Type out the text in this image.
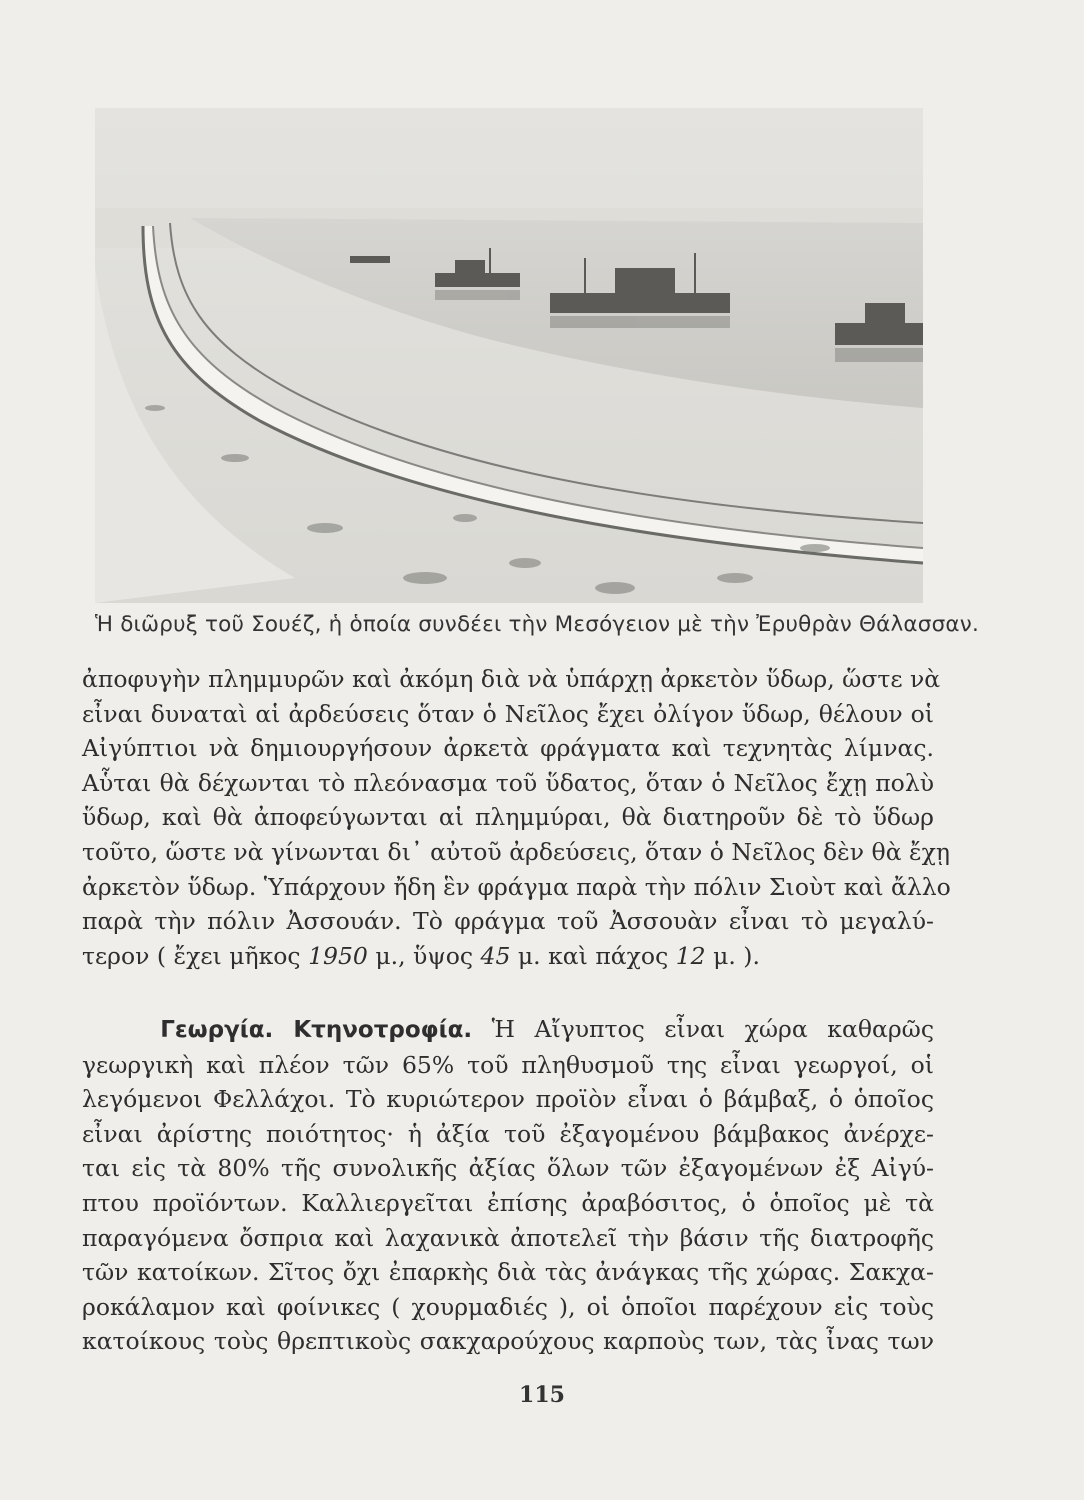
Ἡ διῶρυξ τοῦ Σουέζ, ἡ ὁποία συνδέει τὴν Μεσόγειον μὲ τὴν Ἐρυθρὰν Θάλασσαν.
ἀποφυγὴν πλημμυρῶν καὶ ἀκόμη διὰ νὰ ὑπάρχῃ ἀρκετὸν ὕδωρ, ὥστε νὰ
εἶναι δυναταὶ αἱ ἀρδεύσεις ὅταν ὁ Νεῖλος ἔχει ὀλίγον ὕδωρ, θέλουν οἱ
Αἰγύπτιοι νὰ δημιουργήσουν ἀρκετὰ φράγματα καὶ τεχνητὰς λίμνας.
Αὗται θὰ δέχωνται τὸ πλεόνασμα τοῦ ὕδατος, ὅταν ὁ Νεῖλος ἔχῃ πολὺ
ὕδωρ, καὶ θὰ ἀποφεύγωνται αἱ πλημμύραι, θὰ διατηροῦν δὲ τὸ ὕδωρ
τοῦτο, ὥστε νὰ γίνωνται δι᾽ αὐτοῦ ἀρδεύσεις, ὅταν ὁ Νεῖλος δὲν θὰ ἔχῃ
ἀρκετὸν ὕδωρ. Ὑπάρχουν ἤδη ἓν φράγμα παρὰ τὴν πόλιν Σιοὺτ καὶ ἄλλο
παρὰ τὴν πόλιν Ἀσσουάν. Τὸ φράγμα τοῦ Ἀσσουὰν εἶναι τὸ μεγαλύ-
τερον ( ἔχει μῆκος 1950 μ., ὕψος 45 μ. καὶ πάχος 12 μ. ).
Γεωργία. Κτηνοτροφία. Ἡ Αἴγυπτος εἶναι χώρα καθαρῶς
γεωργικὴ καὶ πλέον τῶν 65% τοῦ πληθυσμοῦ της εἶναι γεωργοί, οἱ
λεγόμενοι Φελλάχοι. Τὸ κυριώτερον προϊὸν εἶναι ὁ βάμβαξ, ὁ ὁποῖος
εἶναι ἀρίστης ποιότητος· ἡ ἀξία τοῦ ἐξαγομένου βάμβακος ἀνέρχε-
ται εἰς τὰ 80% τῆς συνολικῆς ἀξίας ὅλων τῶν ἐξαγομένων ἐξ Αἰγύ-
πτου προϊόντων. Καλλιεργεῖται ἐπίσης ἀραβόσιτος, ὁ ὁποῖος μὲ τὰ
παραγόμενα ὄσπρια καὶ λαχανικὰ ἀποτελεῖ τὴν βάσιν τῆς διατροφῆς
τῶν κατοίκων. Σῖτος ὄχι ἐπαρκὴς διὰ τὰς ἀνάγκας τῆς χώρας. Σακχα-
ροκάλαμον καὶ φοίνικες ( χουρμαδιές ), οἱ ὁποῖοι παρέχουν εἰς τοὺς
κατοίκους τοὺς θρεπτικοὺς σακχαρούχους καρποὺς των, τὰς ἶνας των
115
